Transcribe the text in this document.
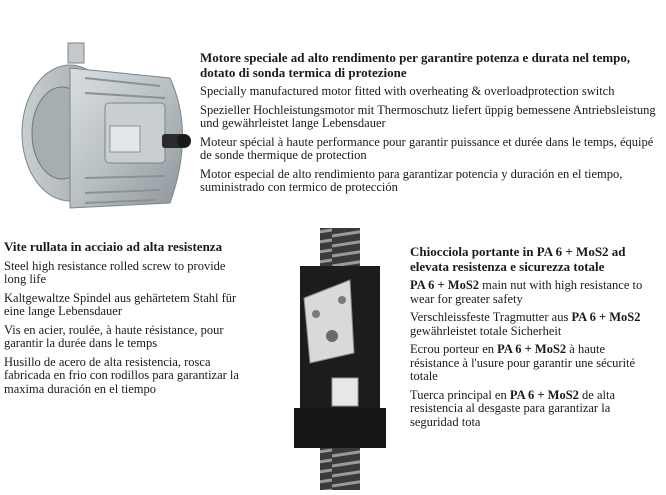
Motore speciale ad alto rendimento per garantire potenza e durata nel tempo, dotato di sonda termica di protezione
Specially manufactured motor fitted with overheating & overloadprotection switch
Spezieller Hochleistungsmotor mit Thermoschutz liefert üppig bemessene Antriebsleistung und gewährleistet lange Lebensdauer
Moteur spécial à haute performance pour garantir puissance et durée dans le temps, équipé de sonde thermique de protection
Motor especial de alto rendimiento para garantizar potencia y duración en el tiempo, suministrado con termico de protección
Vite rullata in acciaio ad alta resistenza
Steel high resistance rolled screw to provide long life
Kaltgewaltze Spindel aus gehärtetem Stahl für eine lange Lebensdauer
Vis en acier, roulée, à haute résistance, pour garantir la durée dans le temps
Husillo de acero de alta resistencia, rosca fabricada en frio con rodillos para garantizar la maxima duración en el tiempo
Chiocciola portante in PA 6 + MoS2 ad elevata resistenza e sicurezza totale
PA 6 + MoS2 main nut with high resistance to wear for greater safety
Verschleissfeste Tragmutter aus PA 6 + MoS2 gewährleistet totale Sicherheit
Ecrou porteur en PA 6 + MoS2 à haute résistance à l'usure pour garantir une sécurité totale
Tuerca principal en PA 6 + MoS2 de alta resistencia al desgaste para garantizar la seguridad tota
